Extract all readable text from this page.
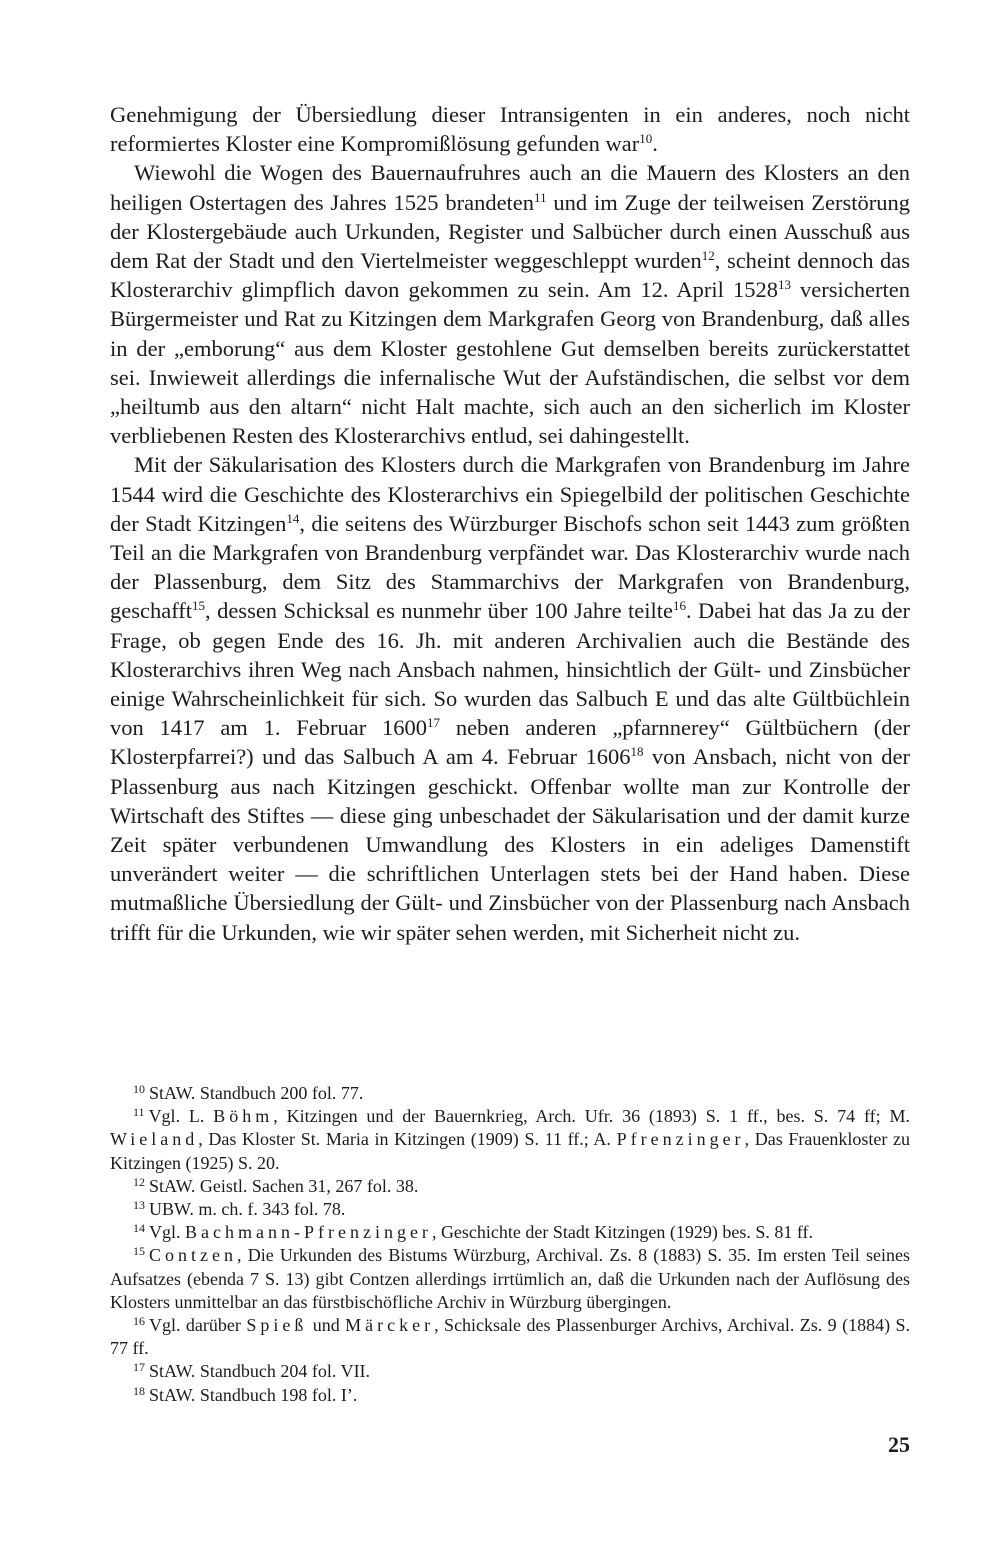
Genehmigung der Übersiedlung dieser Intransigenten in ein anderes, noch nicht reformiertes Kloster eine Kompromißlösung gefunden war$^{10}$.

Wiewohl die Wogen des Bauernaufruhres auch an die Mauern des Klosters an den heiligen Ostertagen des Jahres 1525 brandeten$^{11}$ und im Zuge der teilweisen Zerstörung der Klostergebäude auch Urkunden, Register und Salbücher durch einen Ausschuß aus dem Rat der Stadt und den Viertelmeister weggeschleppt wurden$^{12}$, scheint dennoch das Klosterarchiv glimpflich davon gekommen zu sein. Am 12. April 1528$^{13}$ versicherten Bürgermeister und Rat zu Kitzingen dem Markgrafen Georg von Brandenburg, daß alles in der „emborung“ aus dem Kloster gestohlene Gut demselben bereits zurückerstattet sei. Inwieweit allerdings die infernalische Wut der Aufständischen, die selbst vor dem „heiltumb aus den altarn“ nicht Halt machte, sich auch an den sicherlich im Kloster verbliebenen Resten des Klosterarchivs entlud, sei dahingestellt.

Mit der Säkularisation des Klosters durch die Markgrafen von Brandenburg im Jahre 1544 wird die Geschichte des Klosterarchivs ein Spiegelbild der politischen Geschichte der Stadt Kitzingen$^{14}$, die seitens des Würzburger Bischofs schon seit 1443 zum größten Teil an die Markgrafen von Brandenburg verpfändet war. Das Klosterarchiv wurde nach der Plassenburg, dem Sitz des Stammarchivs der Markgrafen von Brandenburg, geschafft$^{15}$, dessen Schicksal es nunmehr über 100 Jahre teilte$^{16}$. Dabei hat das Ja zu der Frage, ob gegen Ende des 16. Jh. mit anderen Archivalien auch die Bestände des Klosterarchivs ihren Weg nach Ansbach nahmen, hinsichtlich der Gült- und Zinsbücher einige Wahrscheinlichkeit für sich. So wurden das Salbuch E und das alte Gültbüchlein von 1417 am 1. Februar 1600$^{17}$ neben anderen „pfarnnerey“ Gültbüchern (der Klosterpfarrei?) und das Salbuch A am 4. Februar 1606$^{18}$ von Ansbach, nicht von der Plassenburg aus nach Kitzingen geschickt. Offenbar wollte man zur Kontrolle der Wirtschaft des Stiftes — diese ging unbeschadet der Säkularisation und der damit kurze Zeit später verbundenen Umwandlung des Klosters in ein adeliges Damenstift unverändert weiter — die schriftlichen Unterlagen stets bei der Hand haben. Diese mutmaßliche Übersiedlung der Gült- und Zinsbücher von der Plassenburg nach Ansbach trifft für die Urkunden, wie wir später sehen werden, mit Sicherheit nicht zu.

$^{10}$ StAW. Standbuch 200 fol. 77.

$^{11}$ Vgl. L. Böhm, Kitzingen und der Bauernkrieg, Arch. Ufr. 36 (1893) S. 1 ff., bes. S. 74 ff; M. Wieland, Das Kloster St. Maria in Kitzingen (1909) S. 11 ff.; A. Pfrenzinger, Das Frauenkloster zu Kitzingen (1925) S. 20.

$^{12}$ StAW. Geistl. Sachen 31, 267 fol. 38.

$^{13}$ UBW. m. ch. f. 343 fol. 78.

$^{14}$ Vgl. Bachmann-Pfrenzinger, Geschichte der Stadt Kitzingen (1929) bes. S. 81 ff.

$^{15}$ Contzen, Die Urkunden des Bistums Würzburg, Archival. Zs. 8 (1883) S. 35. Im ersten Teil seines Aufsatzes (ebenda 7 S. 13) gibt Contzen allerdings irrtümlich an, daß die Urkunden nach der Auflösung des Klosters unmittelbar an das fürstbischöfliche Archiv in Würzburg übergingen.

$^{16}$ Vgl. darüber Spieß und Märcker, Schicksale des Plassenburger Archivs, Archival. Zs. 9 (1884) S. 77 ff.

$^{17}$ StAW. Standbuch 204 fol. VII.

$^{18}$ StAW. Standbuch 198 fol. I’.

25
